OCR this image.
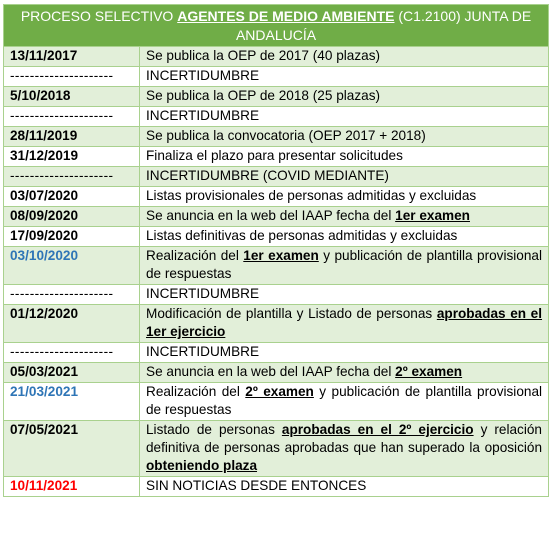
PROCESO SELECTIVO AGENTES DE MEDIO AMBIENTE (C1.2100) JUNTA DE ANDALUCÍA	
13/11/2017	Se publica la OEP de 2017 (40 plazas)
---------------------	INCERTIDUMBRE
5/10/2018	Se publica la OEP de 2018 (25 plazas)
---------------------	INCERTIDUMBRE
28/11/2019	Se publica la convocatoria (OEP 2017 + 2018)
31/12/2019	Finaliza el plazo para presentar solicitudes
---------------------	INCERTIDUMBRE (COVID MEDIANTE)
03/07/2020	Listas provisionales de personas admitidas y excluidas
08/09/2020	Se anuncia en la web del IAAP fecha del 1er examen
17/09/2020	Listas definitivas de personas admitidas y excluidas
03/10/2020	Realización del 1er examen y publicación de plantilla provisional de respuestas
---------------------	INCERTIDUMBRE
01/12/2020	Modificación de plantilla y Listado de personas aprobadas en el 1er ejercicio
---------------------	INCERTIDUMBRE
05/03/2021	Se anuncia en la web del IAAP fecha del 2º examen
21/03/2021	Realización del 2º examen y publicación de plantilla provisional de respuestas
07/05/2021	Listado de personas aprobadas en el 2º ejercicio y relación definitiva de personas aprobadas que han superado la oposición obteniendo plaza
10/11/2021	SIN NOTICIAS DESDE ENTONCES
